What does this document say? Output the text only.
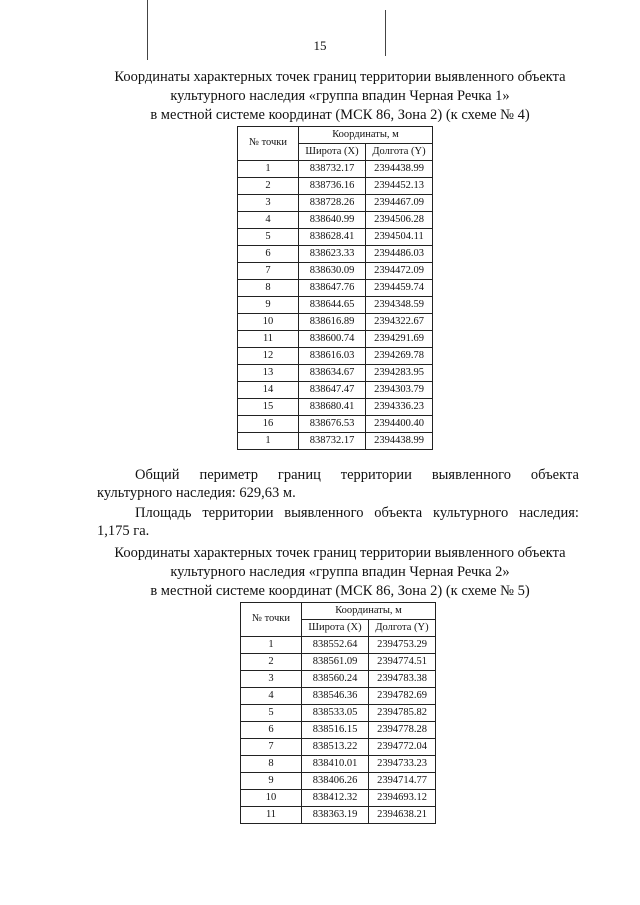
15
Координаты характерных точек границ территории выявленного объекта
культурного наследия «группа впадин Черная Речка 1»
в местной системе координат (МСК 86, Зона 2) (к схеме № 4)
№ точки	Координаты, м	
	Широта (X)	Долгота (Y)
1	838732.17	2394438.99
2	838736.16	2394452.13
3	838728.26	2394467.09
4	838640.99	2394506.28
5	838628.41	2394504.11
6	838623.33	2394486.03
7	838630.09	2394472.09
8	838647.76	2394459.74
9	838644.65	2394348.59
10	838616.89	2394322.67
11	838600.74	2394291.69
12	838616.03	2394269.78
13	838634.67	2394283.95
14	838647.47	2394303.79
15	838680.41	2394336.23
16	838676.53	2394400.40
1	838732.17	2394438.99
Общий периметр границ территории выявленного объекта
культурного наследия: 629,63 м.
Площадь территории выявленного объекта культурного наследия:
1,175 га.
Координаты характерных точек границ территории выявленного объекта
культурного наследия «группа впадин Черная Речка 2»
в местной системе координат (МСК 86, Зона 2) (к схеме № 5)
№ точки	Координаты, м	
	Широта (X)	Долгота (Y)
1	838552.64	2394753.29
2	838561.09	2394774.51
3	838560.24	2394783.38
4	838546.36	2394782.69
5	838533.05	2394785.82
6	838516.15	2394778.28
7	838513.22	2394772.04
8	838410.01	2394733.23
9	838406.26	2394714.77
10	838412.32	2394693.12
11	838363.19	2394638.21
